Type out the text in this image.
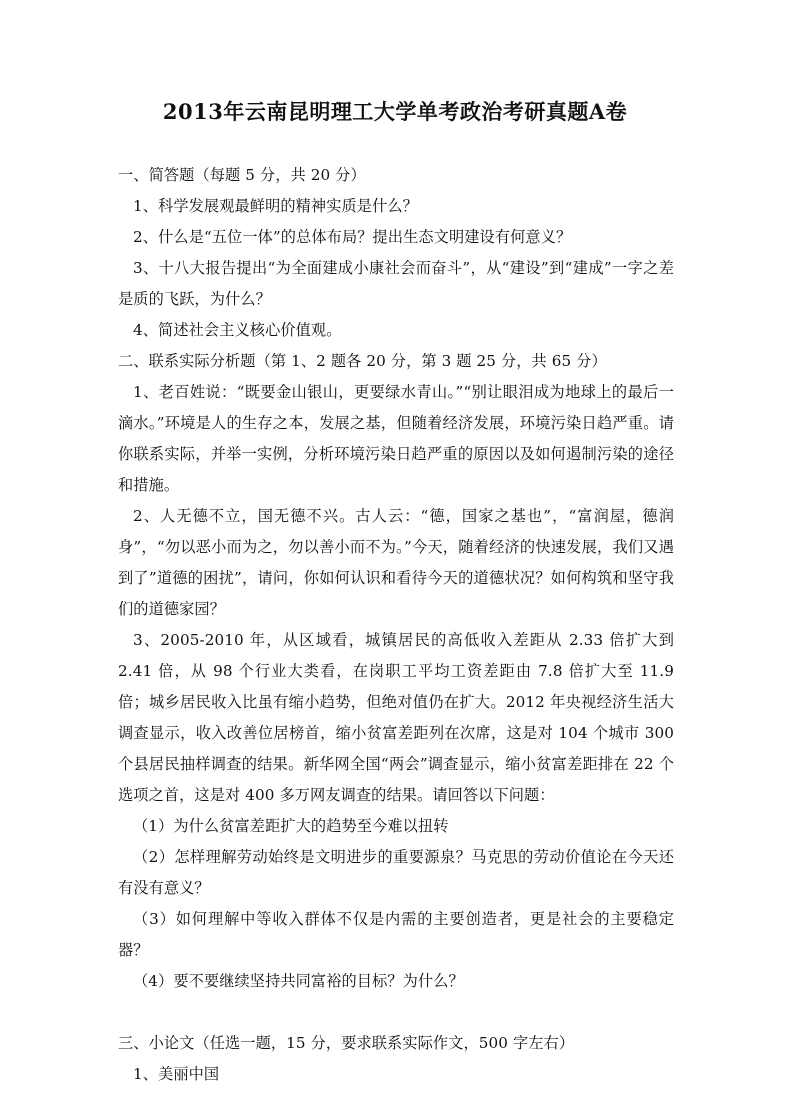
2013年云南昆明理工大学单考政治考研真题A卷

一、简答题（每题 5 分，共 20 分）

1、科学发展观最鲜明的精神实质是什么？

2、什么是“五位一体”的总体布局？提出生态文明建设有何意义？

3、十八大报告提出“为全面建成小康社会而奋斗”，从“建设”到“建成”一字之差是质的飞跃，为什么？

4、简述社会主义核心价值观。

二、联系实际分析题（第 1、2 题各 20 分，第 3 题 25 分，共 65 分）

1、老百姓说：“既要金山银山，更要绿水青山。”“别让眼泪成为地球上的最后一滴水。”环境是人的生存之本，发展之基，但随着经济发展，环境污染日趋严重。请你联系实际，并举一实例，分析环境污染日趋严重的原因以及如何遏制污染的途径和措施。

2、人无德不立，国无德不兴。古人云：“德，国家之基也”，“富润屋，德润身”，“勿以恶小而为之，勿以善小而不为。”今天，随着经济的快速发展，我们又遇到了”道德的困扰”，请问，你如何认识和看待今天的道德状况？如何构筑和坚守我们的道德家园？

3、2005-2010 年，从区域看，城镇居民的高低收入差距从 2.33 倍扩大到 2.41 倍，从 98 个行业大类看，在岗职工平均工资差距由 7.8 倍扩大至 11.9 倍；城乡居民收入比虽有缩小趋势，但绝对值仍在扩大。2012 年央视经济生活大调查显示，收入改善位居榜首，缩小贫富差距列在次席，这是对 104 个城市 300 个县居民抽样调查的结果。新华网全国“两会”调查显示，缩小贫富差距排在 22 个选项之首，这是对 400 多万网友调查的结果。请回答以下问题：

（1）为什么贫富差距扩大的趋势至今难以扭转

（2）怎样理解劳动始终是文明进步的重要源泉？马克思的劳动价值论在今天还有没有意义？

（3）如何理解中等收入群体不仅是内需的主要创造者，更是社会的主要稳定器？

（4）要不要继续坚持共同富裕的目标？为什么？

三、小论文（任选一题，15 分，要求联系实际作文，500 字左右）

1、美丽中国
